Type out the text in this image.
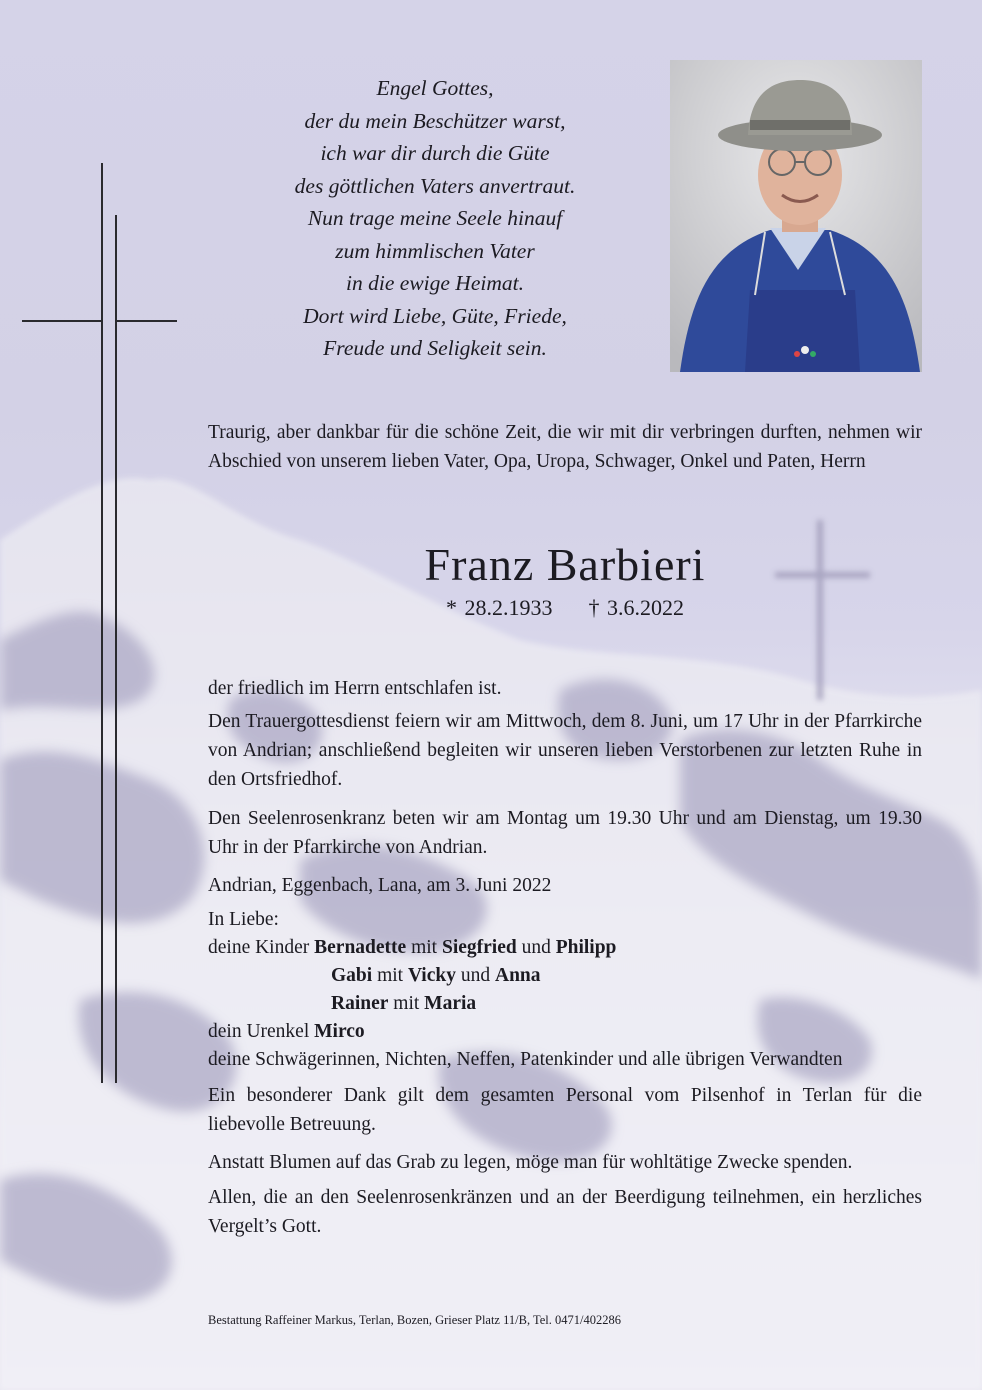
Engel Gottes,
der du mein Beschützer warst,
ich war dir durch die Güte
des göttlichen Vaters anvertraut.
Nun trage meine Seele hinauf
zum himmlischen Vater
in die ewige Heimat.
Dort wird Liebe, Güte, Friede,
Freude und Seligkeit sein.
Traurig, aber dankbar für die schöne Zeit, die wir mit dir verbringen durften, nehmen wir Abschied von unserem lieben Vater, Opa, Uropa, Schwager, Onkel und Paten, Herrn
Franz Barbieri
* 28.2.1933 † 3.6.2022
der friedlich im Herrn entschlafen ist.
Den Trauergottesdienst feiern wir am Mittwoch, dem 8. Juni, um 17 Uhr in der Pfarrkirche von Andrian; anschließend begleiten wir unseren lieben Verstorbenen zur letzten Ruhe in den Ortsfriedhof.
Den Seelenrosenkranz beten wir am Montag um 19.30 Uhr und am Dienstag, um 19.30 Uhr in der Pfarrkirche von Andrian.
Andrian, Eggenbach, Lana, am 3. Juni 2022
In Liebe:
deine Kinder Bernadette mit Siegfried und Philipp
Gabi mit Vicky und Anna
Rainer mit Maria
dein Urenkel Mirco
deine Schwägerinnen, Nichten, Neffen, Patenkinder und alle übrigen Verwandten
Ein besonderer Dank gilt dem gesamten Personal vom Pilsenhof in Terlan für die liebevolle Betreuung.
Anstatt Blumen auf das Grab zu legen, möge man für wohltätige Zwecke spenden.
Allen, die an den Seelenrosenkränzen und an der Beerdigung teilnehmen, ein herzliches Vergelt’s Gott.
Bestattung Raffeiner Markus, Terlan, Bozen, Grieser Platz 11/B, Tel. 0471/402286
